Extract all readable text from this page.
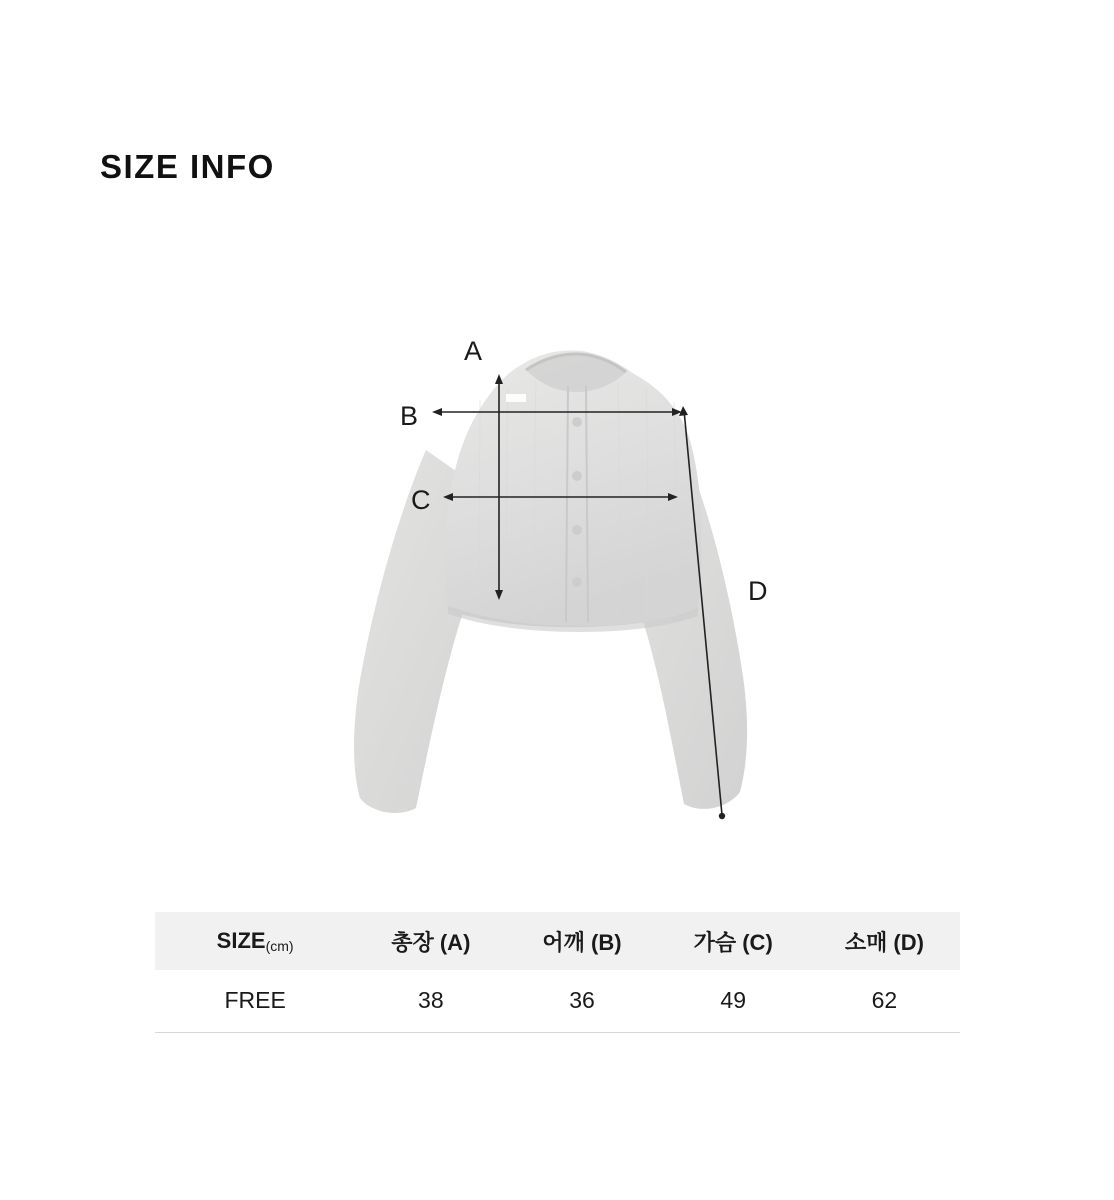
SIZE INFO
A
B
C
D
SIZE(cm)	총장 (A)	어깨 (B)	가슴 (C)	소매 (D)
FREE	38	36	49	62
